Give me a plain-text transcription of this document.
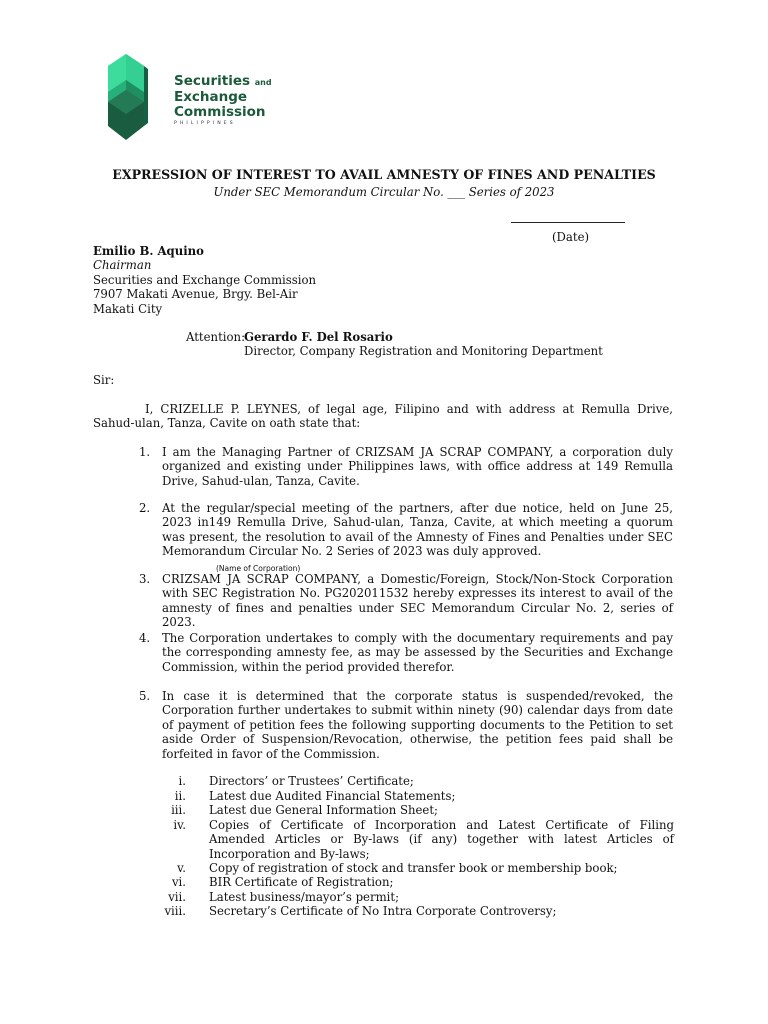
Securities and
Exchange
Commission
PHILIPPINES
EXPRESSION OF INTEREST TO AVAIL AMNESTY OF FINES AND PENALTIES
Under SEC Memorandum Circular No. ___ Series of 2023
(Date)
Emilio B. Aquino
Chairman
Securities and Exchange Commission
7907 Makati Avenue, Brgy. Bel-Air
Makati City
Attention:
Gerardo F. Del Rosario
Director, Company Registration and Monitoring Department
Sir:
I, CRIZELLE P. LEYNES, of legal age, Filipino and with address at Remulla Drive, Sahud-ulan, Tanza, Cavite on oath state that:
1. I am the Managing Partner of CRIZSAM JA SCRAP COMPANY, a corporation duly organized and existing under Philippines laws, with office address at 149 Remulla Drive, Sahud-ulan, Tanza, Cavite.
2. At the regular/special meeting of the partners, after due notice, held on June 25, 2023 in149 Remulla Drive, Sahud-ulan, Tanza, Cavite, at which meeting a quorum was present, the resolution to avail of the Amnesty of Fines and Penalties under SEC Memorandum Circular No. 2 Series of 2023 was duly approved.
(Name of Corporation)
3. CRIZSAM JA SCRAP COMPANY, a Domestic/Foreign, Stock/Non-Stock Corporation with SEC Registration No. PG202011532 hereby expresses its interest to avail of the amnesty of fines and penalties under SEC Memorandum Circular No. 2, series of 2023.
4. The Corporation undertakes to comply with the documentary requirements and pay the corresponding amnesty fee, as may be assessed by the Securities and Exchange Commission, within the period provided therefor.
5. In case it is determined that the corporate status is suspended/revoked, the Corporation further undertakes to submit within ninety (90) calendar days from date of payment of petition fees the following supporting documents to the Petition to set aside Order of Suspension/Revocation, otherwise, the petition fees paid shall be forfeited in favor of the Commission.
i. Directors’ or Trustees’ Certificate;
ii. Latest due Audited Financial Statements;
iii. Latest due General Information Sheet;
iv. Copies of Certificate of Incorporation and Latest Certificate of Filing Amended Articles or By-laws (if any) together with latest Articles of Incorporation and By-laws;
v. Copy of registration of stock and transfer book or membership book;
vi. BIR Certificate of Registration;
vii. Latest business/mayor’s permit;
viii. Secretary’s Certificate of No Intra Corporate Controversy;
